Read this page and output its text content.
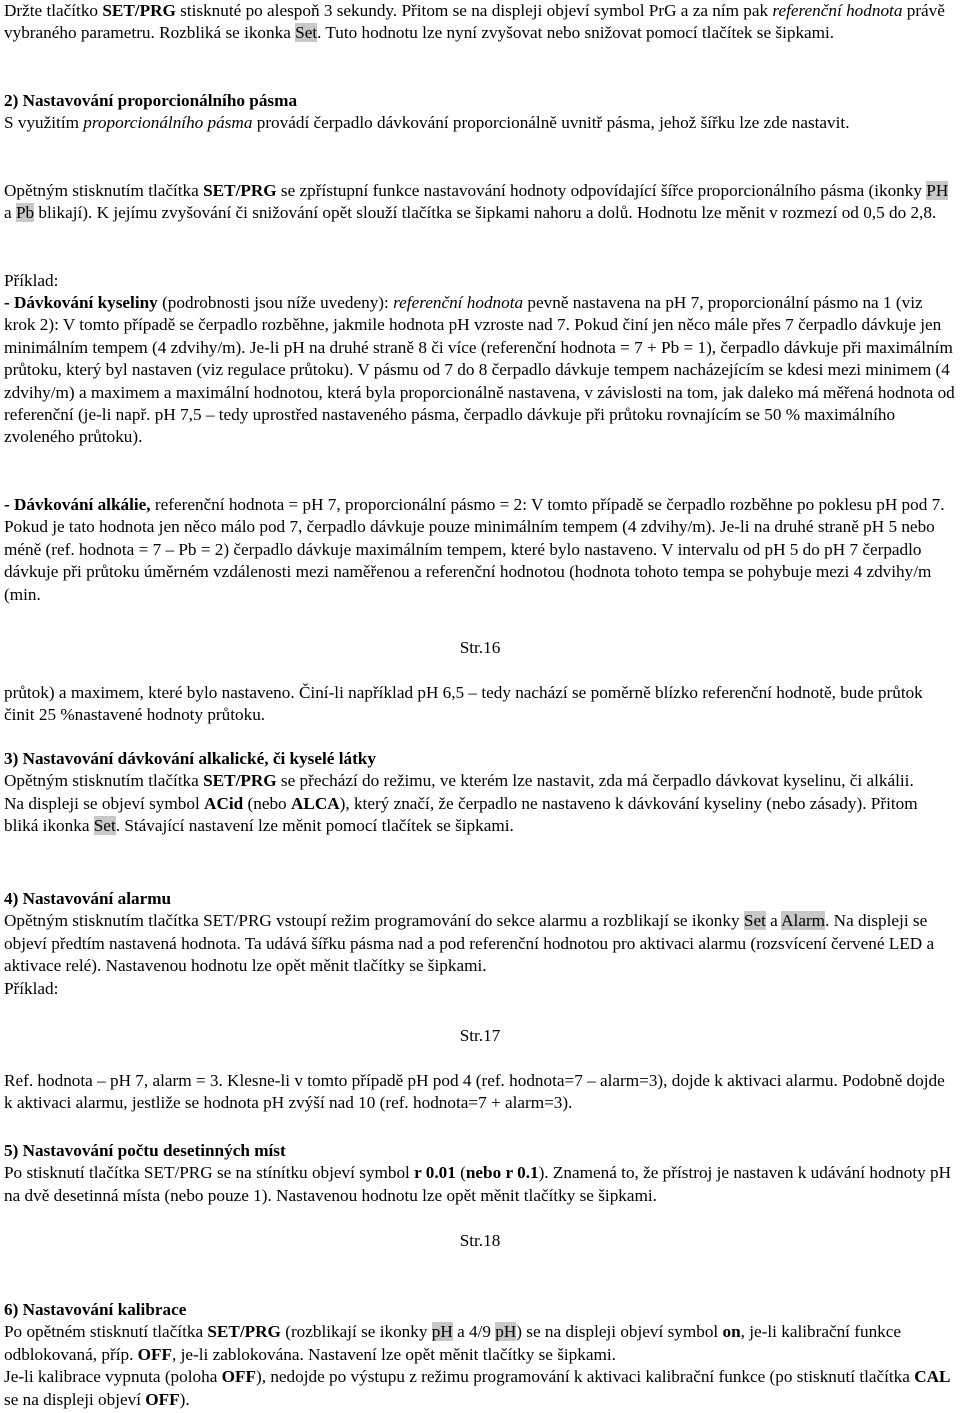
Držte tlačítko SET/PRG stisknuté po alespoň 3 sekundy. Přitom se na displeji objeví symbol PrG a za ním pak referenční hodnota právě vybraného parametru. Rozbliká se ikonka Set. Tuto hodnotu lze nyní zvyšovat nebo snižovat pomocí tlačítek se šipkami.

2) Nastavování proporcionálního pásma
S využitím proporcionálního pásma provádí čerpadlo dávkování proporcionálně uvnitř pásma, jehož šířku lze zde nastavit.

Opětným stisknutím tlačítka SET/PRG se zpřístupní funkce nastavování hodnoty odpovídající šířce proporcionálního pásma (ikonky PH a Pb blikají). K jejímu zvyšování či snižování opět slouží tlačítka se šipkami nahoru a dolů. Hodnotu lze měnit v rozmezí od 0,5 do 2,8.

Příklad:

- Dávkování kyseliny (podrobnosti jsou níže uvedeny): referenční hodnota pevně nastavena na pH 7, proporcionální pásmo na 1 (viz krok 2): V tomto případě se čerpadlo rozběhne, jakmile hodnota pH vzroste nad 7. Pokud činí jen něco mále přes 7 čerpadlo dávkuje jen minimálním tempem (4 zdvihy/m). Je-li pH na druhé straně 8 či více (referenční hodnota = 7 + Pb = 1), čerpadlo dávkuje při maximálním průtoku, který byl nastaven (viz regulace průtoku). V pásmu od 7 do 8 čerpadlo dávkuje tempem nacházejícím se kdesi mezi minimem (4 zdvihy/m) a maximem a maximální hodnotou, která byla proporcionálně nastavena, v závislosti na tom, jak daleko má měřená hodnota od referenční (je-li např. pH 7,5 – tedy uprostřed nastaveného pásma, čerpadlo dávkuje při průtoku rovnajícím se 50 % maximálního zvoleného průtoku).

- Dávkování alkálie, referenční hodnota = pH 7, proporcionální pásmo = 2: V tomto případě se čerpadlo rozběhne po poklesu pH pod 7. Pokud je tato hodnota jen něco málo pod 7, čerpadlo dávkuje pouze minimálním tempem (4 zdvihy/m). Je-li na druhé straně pH 5 nebo méně (ref. hodnota = 7 – Pb = 2) čerpadlo dávkuje maximálním tempem, které bylo nastaveno. V intervalu od pH 5 do pH 7 čerpadlo dávkuje při průtoku úměrném vzdálenosti mezi naměřenou a referenční hodnotou (hodnota tohoto tempa se pohybuje mezi 4 zdvihy/m (min.

Str.16

průtok) a maximem, které bylo nastaveno. Činí-li například pH 6,5 – tedy nachází se poměrně blízko referenční hodnotě, bude průtok činit 25 %nastavené hodnoty průtoku.

3) Nastavování dávkování alkalické, či kyselé látky
Opětným stisknutím tlačítka SET/PRG se přechází do režimu, ve kterém lze nastavit, zda má čerpadlo dávkovat kyselinu, či alkálii.
Na displeji se objeví symbol ACid (nebo ALCA), který značí, že čerpadlo ne nastaveno k dávkování kyseliny (nebo zásady). Přitom bliká ikonka Set. Stávající nastavení lze měnit pomocí tlačítek se šipkami.

4) Nastavování alarmu
Opětným stisknutím tlačítka SET/PRG vstoupí režim programování do sekce alarmu a rozblikají se ikonky Set a Alarm. Na displeji se objeví předtím nastavená hodnota. Ta udává šířku pásma nad a pod referenční hodnotou pro aktivaci alarmu (rozsvícení červené LED a aktivace relé). Nastavenou hodnotu lze opět měnit tlačítky se šipkami.
Příklad:

Str.17

Ref. hodnota – pH 7, alarm = 3. Klesne-li v tomto případě pH pod 4 (ref. hodnota=7 – alarm=3), dojde k aktivaci alarmu. Podobně dojde k aktivaci alarmu, jestliže se hodnota pH zvýší nad 10 (ref. hodnota=7 + alarm=3).

5) Nastavování počtu desetinných míst
Po stisknutí tlačítka SET/PRG se na stínítku objeví symbol r 0.01 (nebo r 0.1). Znamená to, že přístroj je nastaven k udávání hodnoty pH na dvě desetinná místa (nebo pouze 1). Nastavenou hodnotu lze opět měnit tlačítky se šipkami.

Str.18

6) Nastavování kalibrace
Po opětném stisknutí tlačítka SET/PRG (rozblikají se ikonky pH a 4/9 pH) se na displeji objeví symbol on, je-li kalibrační funkce odblokovaná, příp. OFF, je-li zablokována. Nastavení lze opět měnit tlačítky se šipkami.
Je-li kalibrace vypnuta (poloha OFF), nedojde po výstupu z režimu programování k aktivaci kalibrační funkce (po stisknutí tlačítka CAL se na displeji objeví OFF).
